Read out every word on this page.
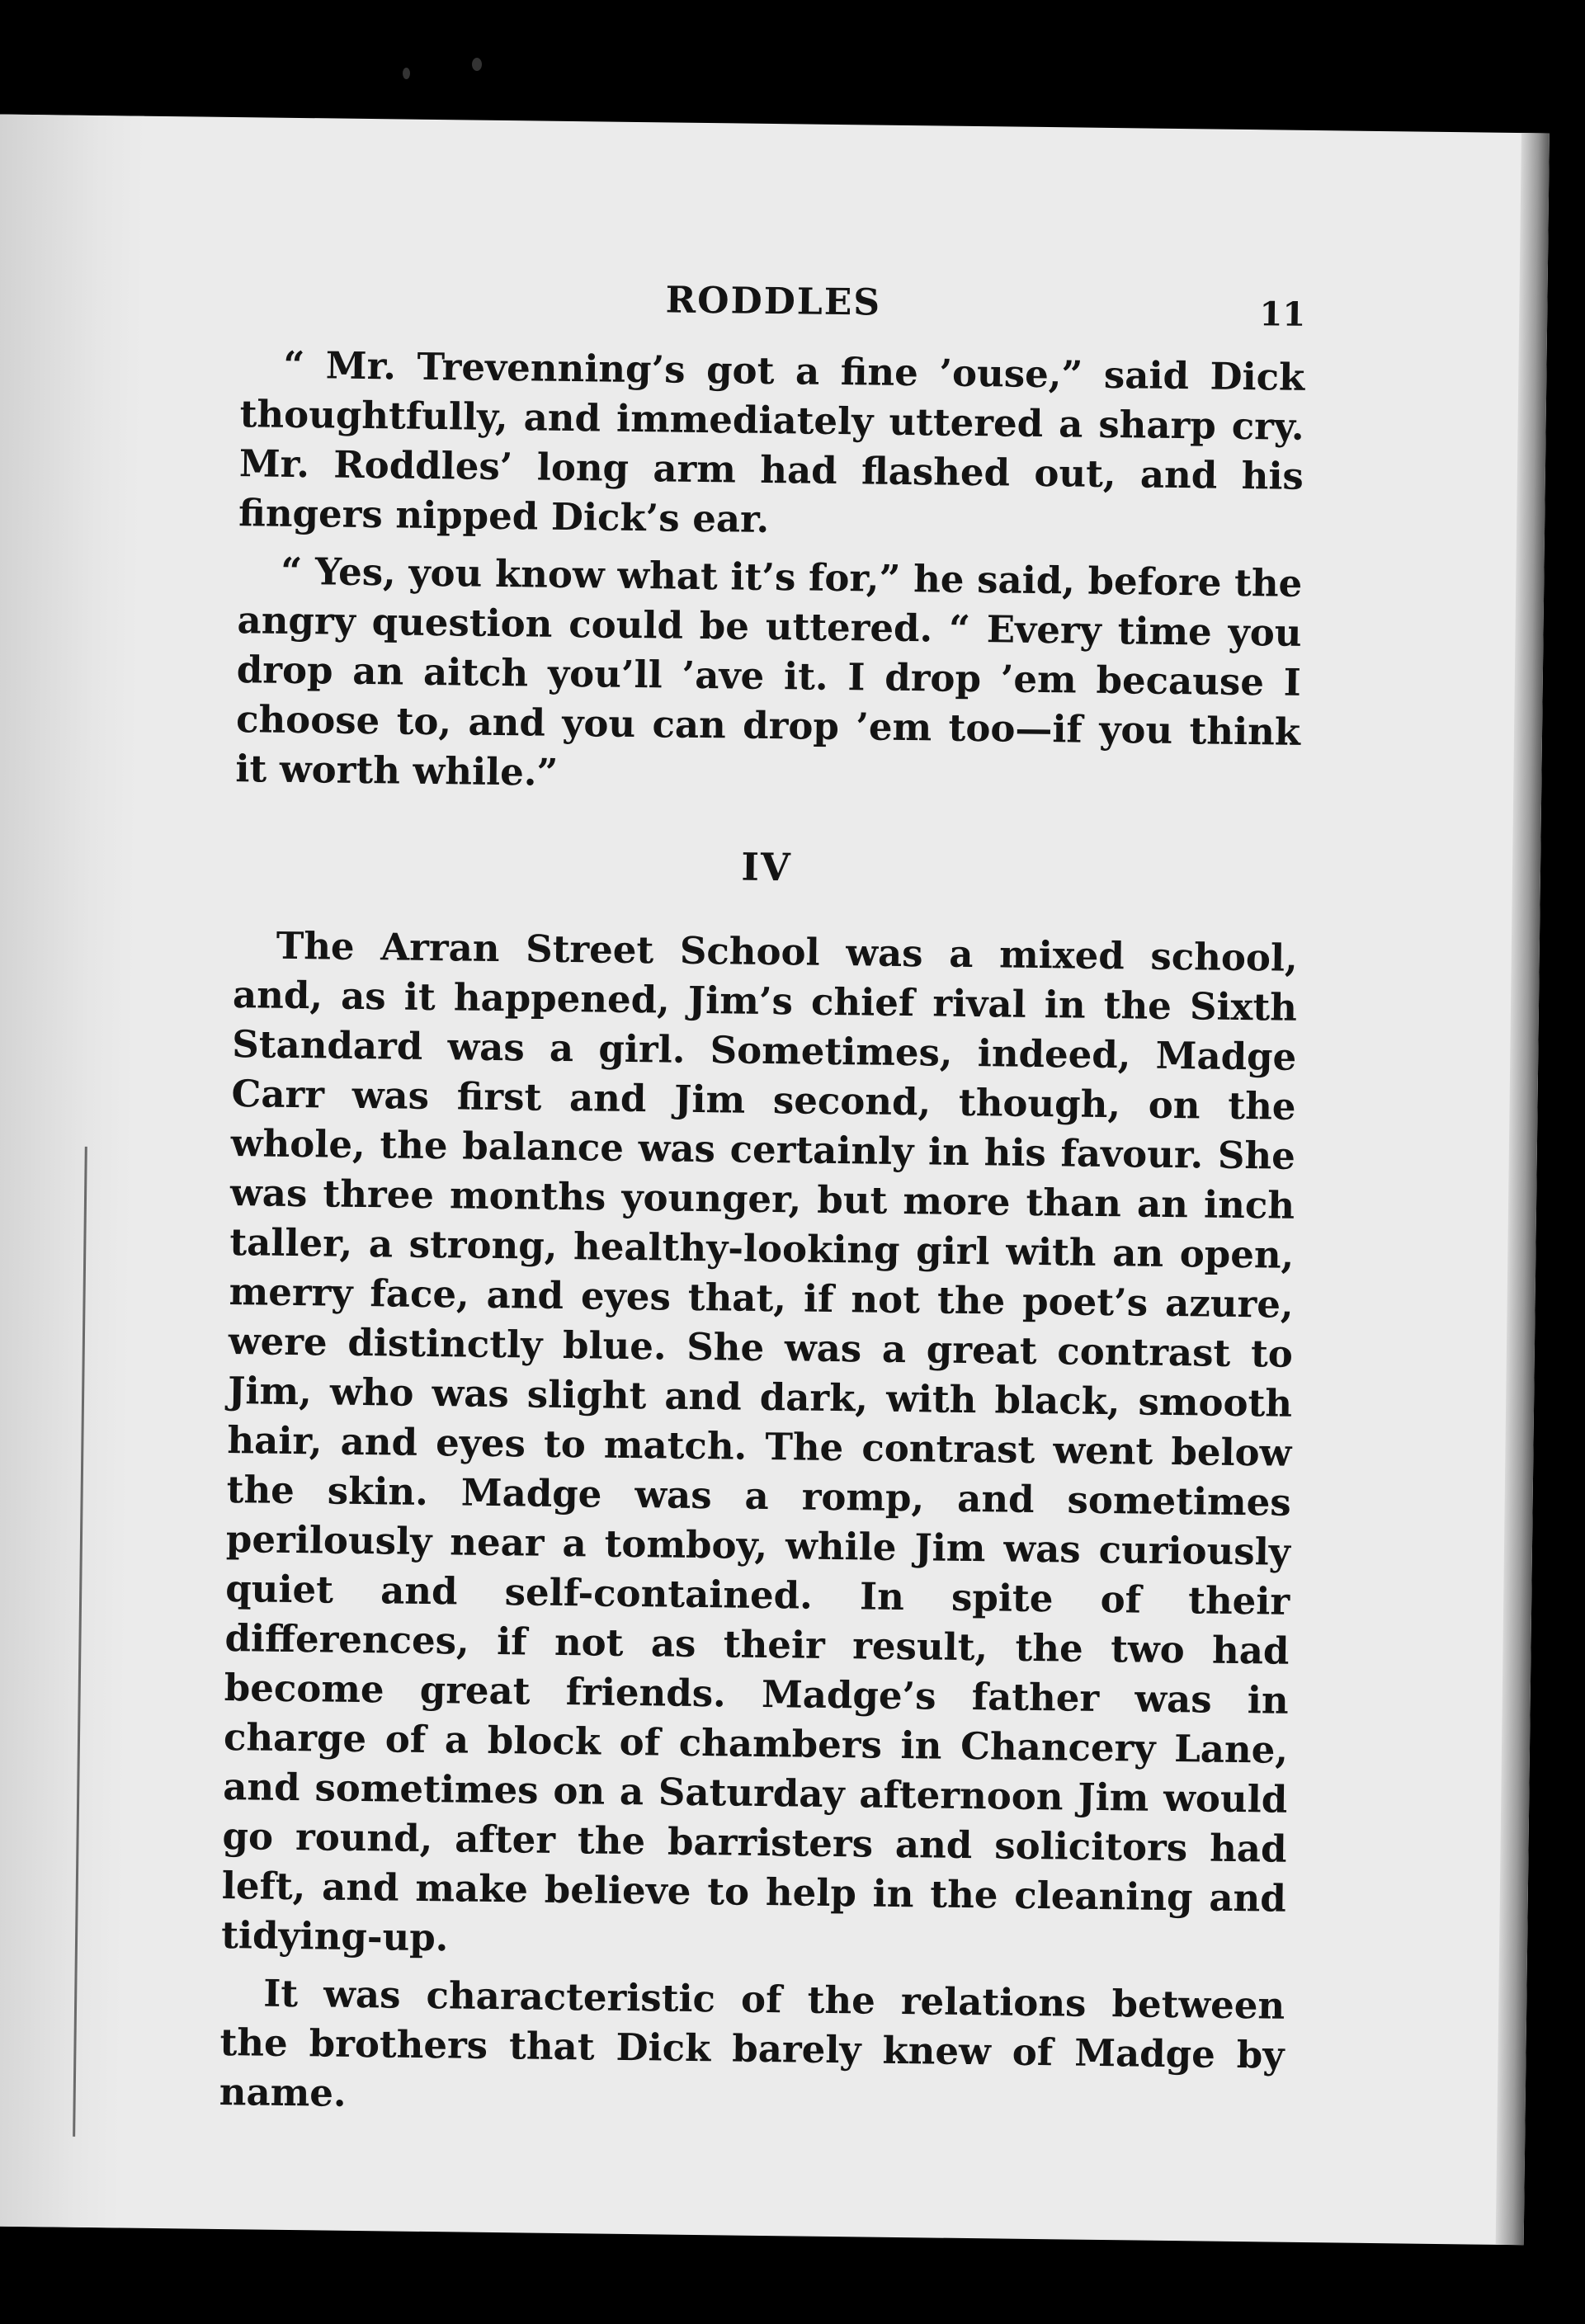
RODDLES	11

“ Mr. Trevenning’s got a fine ’ouse,” said Dick thoughtfully, and immediately uttered a sharp cry. Mr. Roddles’ long arm had flashed out, and his fingers nipped Dick’s ear.

“ Yes, you know what it’s for,” he said, before the angry question could be uttered. “ Every time you drop an aitch you’ll ’ave it. I drop ’em because I choose to, and you can drop ’em too—if you think it worth while.”

IV

The Arran Street School was a mixed school, and, as it happened, Jim’s chief rival in the Sixth Standard was a girl. Sometimes, indeed, Madge Carr was first and Jim second, though, on the whole, the balance was certainly in his favour. She was three months younger, but more than an inch taller, a strong, healthy-looking girl with an open, merry face, and eyes that, if not the poet’s azure, were distinctly blue. She was a great contrast to Jim, who was slight and dark, with black, smooth hair, and eyes to match. The contrast went below the skin. Madge was a romp, and sometimes perilously near a tomboy, while Jim was curiously quiet and self-contained. In spite of their differences, if not as their result, the two had become great friends. Madge’s father was in charge of a block of chambers in Chancery Lane, and sometimes on a Saturday afternoon Jim would go round, after the barristers and solicitors had left, and make believe to help in the cleaning and tidying-up.

It was characteristic of the relations between the brothers that Dick barely knew of Madge by name.
